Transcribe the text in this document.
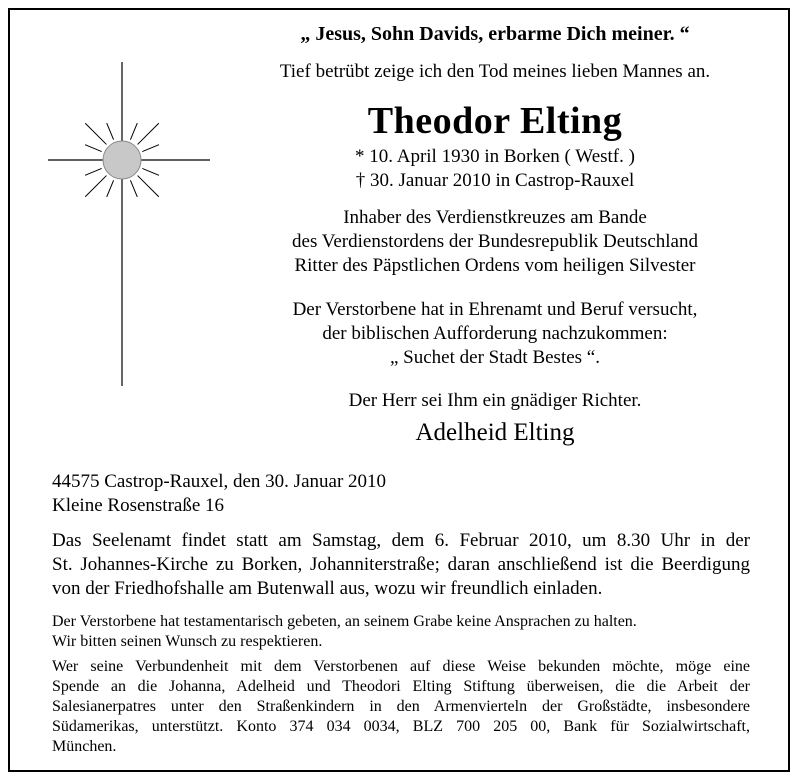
„ Jesus, Sohn Davids, erbarme Dich meiner. “
Tief betrübt zeige ich den Tod meines lieben Mannes an.
Theodor Elting
* 10. April 1930 in Borken ( Westf. )
† 30. Januar 2010 in Castrop-Rauxel
Inhaber des Verdienstkreuzes am Bande
des Verdienstordens der Bundesrepublik Deutschland
Ritter des Päpstlichen Ordens vom heiligen Silvester
Der Verstorbene hat in Ehrenamt und Beruf versucht,
der biblischen Aufforderung nachzukommen:
„ Suchet der Stadt Bestes “.
Der Herr sei Ihm ein gnädiger Richter.
Adelheid Elting
44575 Castrop-Rauxel, den 30. Januar 2010
Kleine Rosenstraße 16
Das Seelenamt findet statt am Samstag, dem 6. Februar 2010, um 8.30 Uhr in der
St. Johannes-Kirche zu Borken, Johanniterstraße; daran anschließend ist die Beerdigung
von der Friedhofshalle am Butenwall aus, wozu wir freundlich einladen.
Der Verstorbene hat testamentarisch gebeten, an seinem Grabe keine Ansprachen zu halten.
Wir bitten seinen Wunsch zu respektieren.
Wer seine Verbundenheit mit dem Verstorbenen auf diese Weise bekunden möchte, möge eine
Spende an die Johanna, Adelheid und Theodori Elting Stiftung überweisen, die die Arbeit der
Salesianerpatres unter den Straßenkindern in den Armenvierteln der Großstädte, insbesondere
Südamerikas, unterstützt. Konto 374 034 0034, BLZ 700 205 00, Bank für Sozialwirtschaft,
München.
